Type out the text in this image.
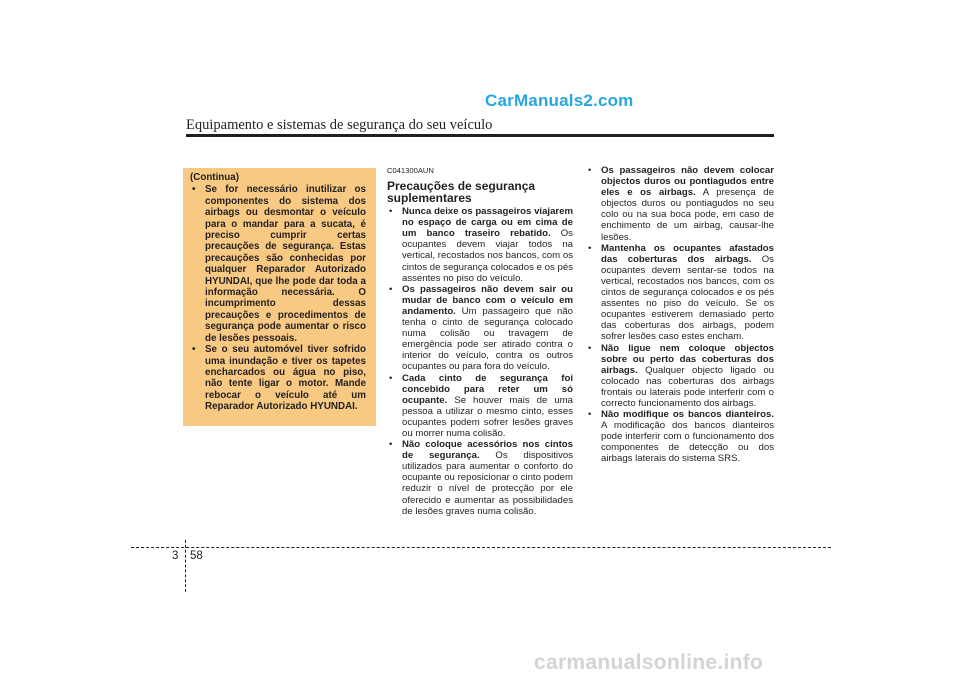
CarManuals2.com
Equipamento e sistemas de segurança do seu veículo
(Continua)
• Se for necessário inutilizar os componentes do sistema dos airbags ou desmontar o veículo para o mandar para a sucata, é preciso cumprir certas precauções de segurança. Estas precauções são conhecidas por qualquer Reparador Autorizado HYUNDAI, que lhe pode dar toda a informação necessária. O incumprimento dessas precauções e procedimentos de segurança pode aumentar o risco de lesões pessoais.
• Se o seu automóvel tiver sofrido uma inundação e tiver os tapetes encharcados ou água no piso, não tente ligar o motor. Mande rebocar o veículo até um Reparador Autorizado HYUNDAI.
C041300AUN
Precauções de segurança suplementares
• Nunca deixe os passageiros viajarem no espaço de carga ou em cima de um banco traseiro rebatido. Os ocupantes devem viajar todos na vertical, recostados nos bancos, com os cintos de segurança colocados e os pés assentes no piso do veículo.
• Os passageiros não devem sair ou mudar de banco com o veículo em andamento. Um passageiro que não tenha o cinto de segurança colocado numa colisão ou travagem de emergência pode ser atirado contra o interior do veículo, contra os outros ocupantes ou para fora do veículo.
• Cada cinto de segurança foi concebido para reter um só ocupante. Se houver mais de uma pessoa a utilizar o mesmo cinto, esses ocupantes podem sofrer lesões graves ou morrer numa colisão.
• Não coloque acessórios nos cintos de segurança. Os dispositivos utilizados para aumentar o conforto do ocupante ou reposicionar o cinto podem reduzir o nível de protecção por ele oferecido e aumentar as possibilidades de lesões graves numa colisão.
• Os passageiros não devem colocar objectos duros ou pontiagudos entre eles e os airbags. A presença de objectos duros ou pontiagudos no seu colo ou na sua boca pode, em caso de enchimento de um airbag, causar-lhe lesões.
• Mantenha os ocupantes afastados das coberturas dos airbags. Os ocupantes devem sentar-se todos na vertical, recostados nos bancos, com os cintos de segurança colocados e os pés assentes no piso do veículo. Se os ocupantes estiverem demasiado perto das coberturas dos airbags, podem sofrer lesões caso estes encham.
• Não ligue nem coloque objectos sobre ou perto das coberturas dos airbags. Qualquer objecto ligado ou colocado nas coberturas dos airbags frontais ou laterais pode interferir com o correcto funcionamento dos airbags.
• Não modifique os bancos dianteiros. A modificação dos bancos dianteiros pode interferir com o funcionamento dos componentes de detecção ou dos airbags laterais do sistema SRS.
3 58
carmanualsonline.info
